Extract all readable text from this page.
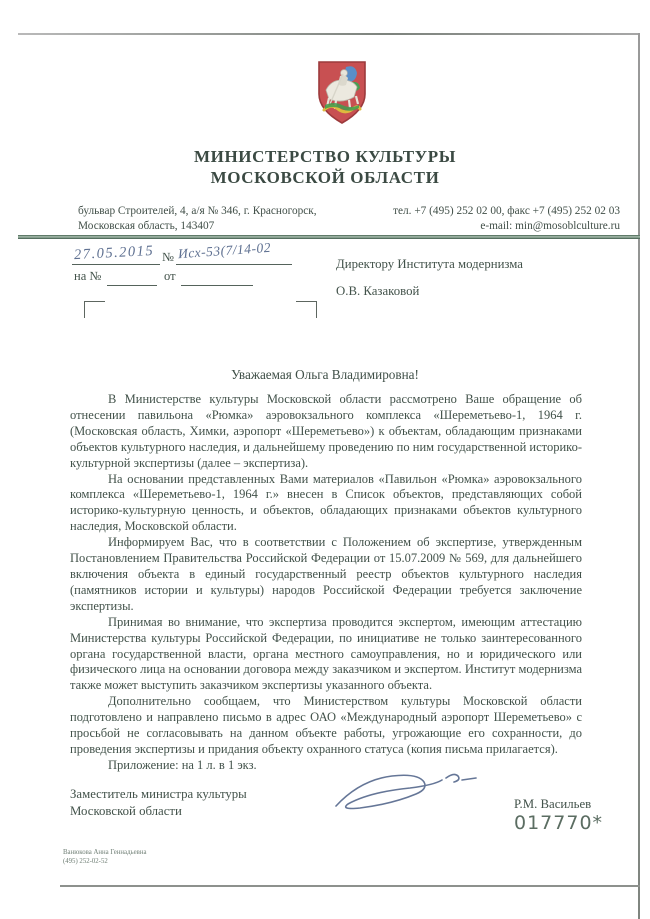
МИНИСТЕРСТВО КУЛЬТУРЫ
МОСКОВСКОЙ ОБЛАСТИ
бульвар Строителей, 4, а/я № 346, г. Красногорск,
Московская область, 143407
тел. +7 (495) 252 02 00, факс +7 (495) 252 02 03
e-mail: min@mosoblculture.ru
27.05.2015 № Исх-53(7/14-02
на №	от
Директору Института модернизма
О.В. Казаковой
Уважаемая Ольга Владимировна!

В Министерстве культуры Московской области рассмотрено Ваше обращение об отнесении павильона «Рюмка» аэровокзального комплекса «Шереметьево-1, 1964 г. (Московская область, Химки, аэропорт «Шереметьево») к объектам, обладающим признаками объектов культурного наследия, и дальнейшему проведению по ним государственной историко-культурной экспертизы (далее – экспертиза).

На основании представленных Вами материалов «Павильон «Рюмка» аэровокзального комплекса «Шереметьево-1, 1964 г.» внесен в Список объектов, представляющих собой историко-культурную ценность, и объектов, обладающих признаками объектов культурного наследия, Московской области.

Информируем Вас, что в соответствии с Положением об экспертизе, утвержденным Постановлением Правительства Российской Федерации от 15.07.2009 № 569, для дальнейшего включения объекта в единый государственный реестр объектов культурного наследия (памятников истории и культуры) народов Российской Федерации требуется заключение экспертизы.

Принимая во внимание, что экспертиза проводится экспертом, имеющим аттестацию Министерства культуры Российской Федерации, по инициативе не только заинтересованного органа государственной власти, органа местного самоуправления, но и юридического или физического лица на основании договора между заказчиком и экспертом. Институт модернизма также может выступить заказчиком экспертизы указанного объекта.

Дополнительно сообщаем, что Министерством культуры Московской области подготовлено и направлено письмо в адрес ОАО «Международный аэропорт Шереметьево» с просьбой не согласовывать на данном объекте работы, угрожающие его сохранности, до проведения экспертизы и придания объекту охранного статуса (копия письма прилагается).

Приложение: на 1 л. в 1 экз.

Заместитель министра культуры
Московской области	Р.М. Васильев
017770*
Ванюкова Анна Геннадьевна
(495) 252-02-52
